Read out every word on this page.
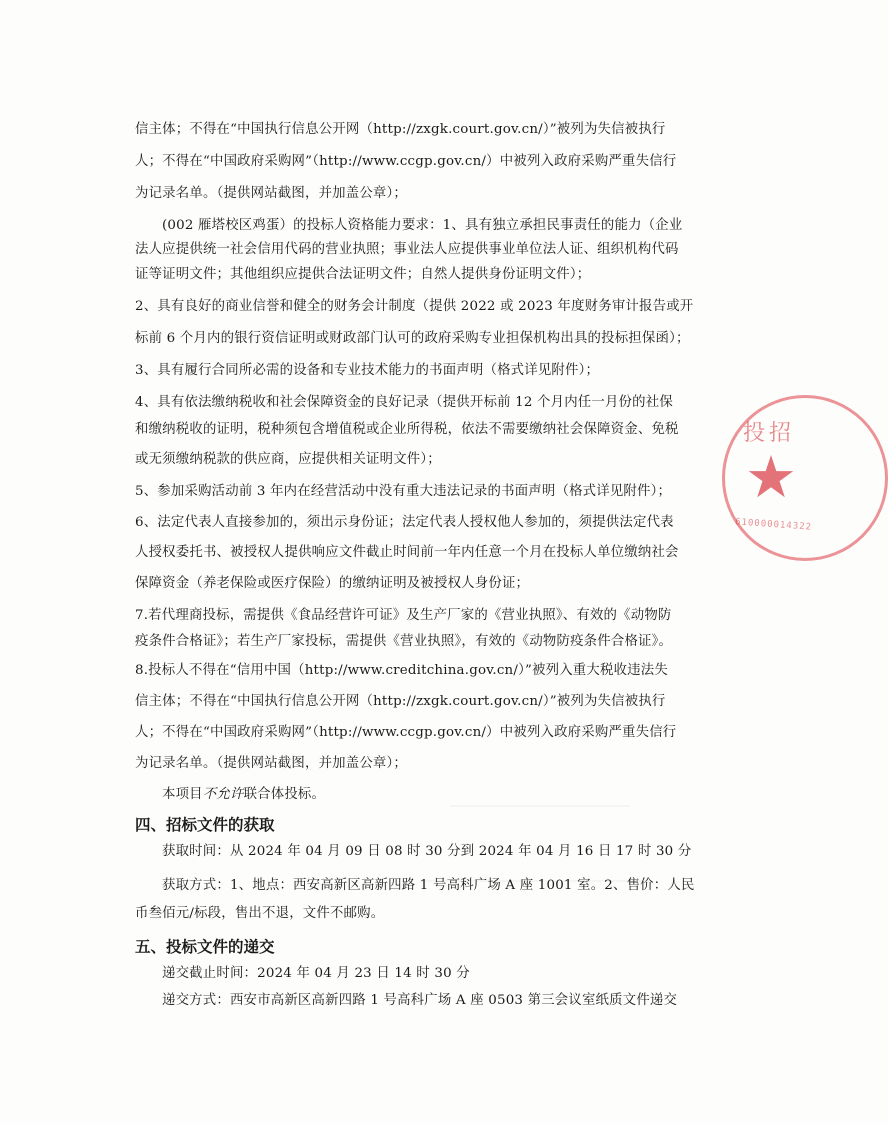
信主体；不得在“中国执行信息公开网（http://zxgk.court.gov.cn/）”被列为失信被执行
人；不得在“中国政府采购网”（http://www.ccgp.gov.cn/）中被列入政府采购严重失信行
为记录名单。（提供网站截图，并加盖公章）；
(002 雁塔校区鸡蛋）的投标人资格能力要求：1、具有独立承担民事责任的能力（企业
法人应提供统一社会信用代码的营业执照；事业法人应提供事业单位法人证、组织机构代码
证等证明文件；其他组织应提供合法证明文件；自然人提供身份证明文件）；
2、具有良好的商业信誉和健全的财务会计制度（提供 2022 或 2023 年度财务审计报告或开
标前 6 个月内的银行资信证明或财政部门认可的政府采购专业担保机构出具的投标担保函）；
3、具有履行合同所必需的设备和专业技术能力的书面声明（格式详见附件）；
4、具有依法缴纳税收和社会保障资金的良好记录（提供开标前 12 个月内任一月份的社保
和缴纳税收的证明，税种须包含增值税或企业所得税，依法不需要缴纳社会保障资金、免税
或无须缴纳税款的供应商，应提供相关证明文件）；
5、参加采购活动前 3 年内在经营活动中没有重大违法记录的书面声明（格式详见附件）；
6、法定代表人直接参加的，须出示身份证；法定代表人授权他人参加的，须提供法定代表
人授权委托书、被授权人提供响应文件截止时间前一年内任意一个月在投标人单位缴纳社会
保障资金（养老保险或医疗保险）的缴纳证明及被授权人身份证；
7.若代理商投标，需提供《食品经营许可证》及生产厂家的《营业执照》、有效的《动物防
疫条件合格证》；若生产厂家投标，需提供《营业执照》，有效的《动物防疫条件合格证》。
8.投标人不得在“信用中国（http://www.creditchina.gov.cn/）”被列入重大税收违法失
信主体；不得在“中国执行信息公开网（http://zxgk.court.gov.cn/）”被列为失信被执行
人；不得在“中国政府采购网”（http://www.ccgp.gov.cn/）中被列入政府采购严重失信行
为记录名单。（提供网站截图，并加盖公章）；
本项目不允许联合体投标。
四、招标文件的获取
获取时间：从 2024 年 04 月 09 日 08 时 30 分到 2024 年 04 月 16 日 17 时 30 分
获取方式：1、地点：西安高新区高新四路 1 号高科广场 A 座 1001 室。2、售价：人民
币叁佰元/标段，售出不退，文件不邮购。
五、投标文件的递交
递交截止时间：2024 年 04 月 23 日 14 时 30 分
递交方式：西安市高新区高新四路 1 号高科广场 A 座 0503 第三会议室纸质文件递交
投招
★
610000014322
